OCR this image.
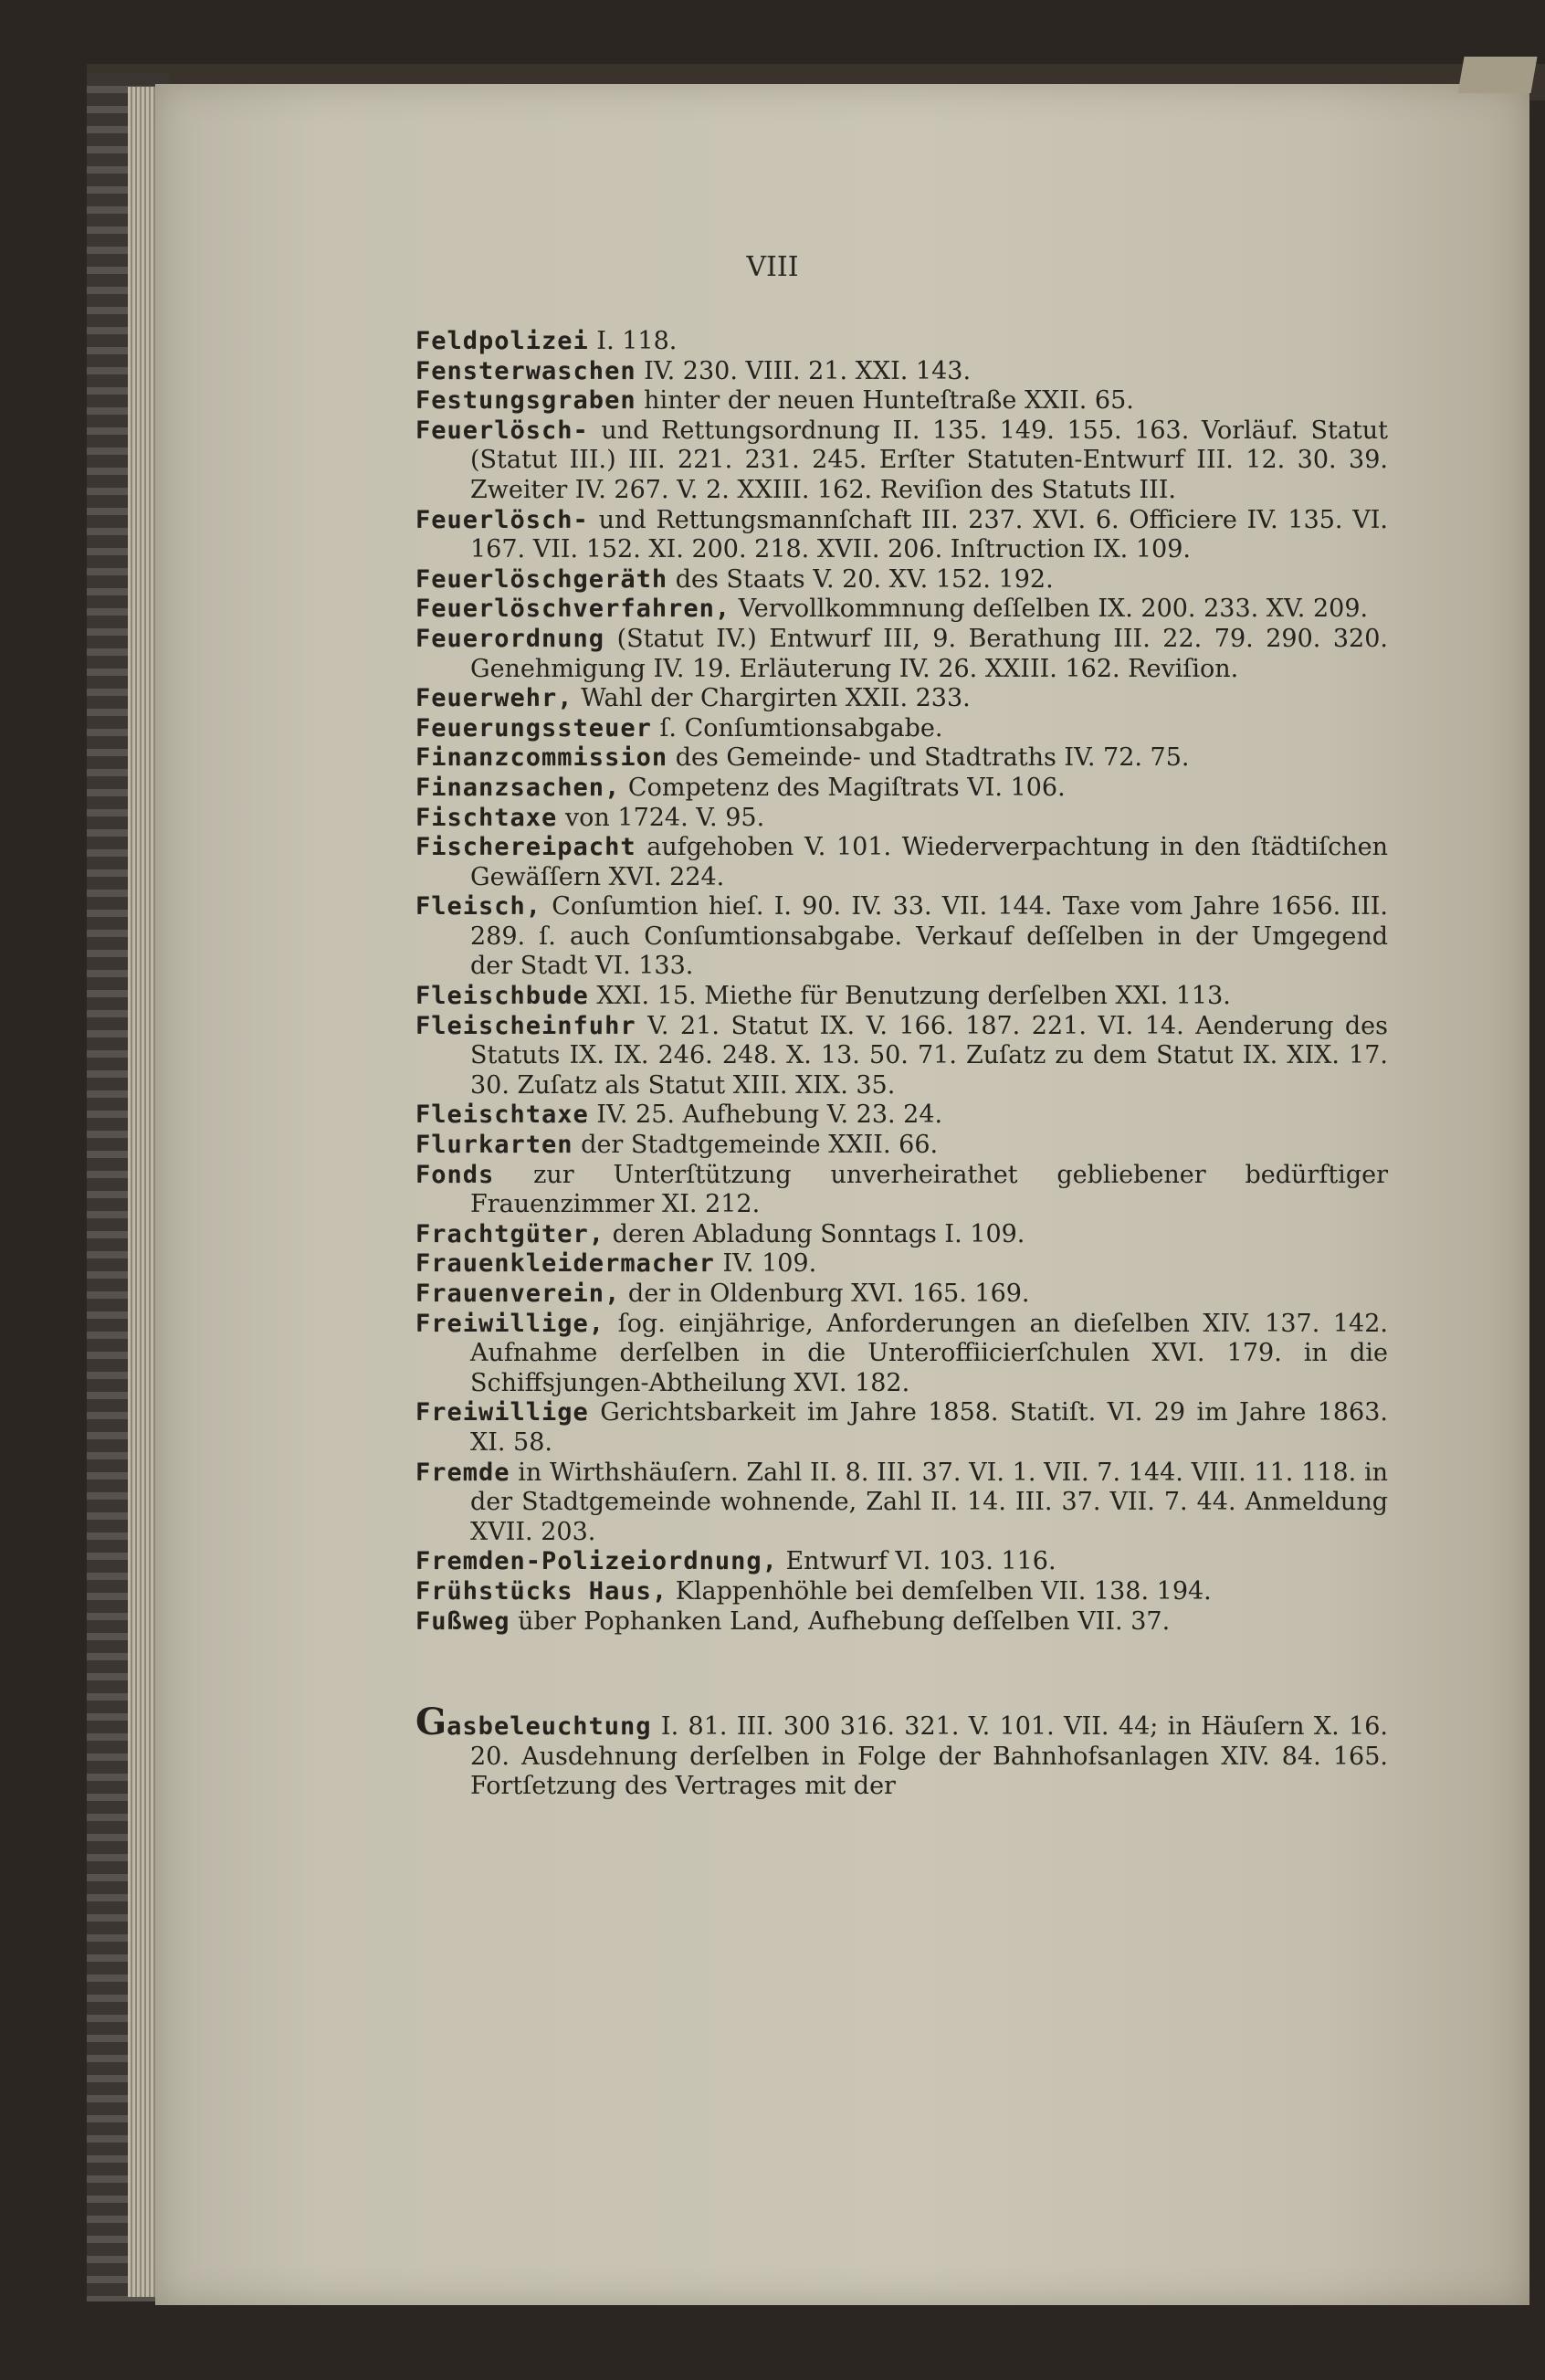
VIII

Feldpolizei I. 118.

Fensterwaschen IV. 230. VIII. 21. XXI. 143.

Festungsgraben hinter der neuen Hunteſtraße XXII. 65.

Feuerlösch- und Rettungsordnung II. 135. 149. 155. 163. Vorläuf. Statut (Statut III.) III. 221. 231. 245. Erſter Statuten-Entwurf III. 12. 30. 39. Zweiter IV. 267. V. 2. XXIII. 162. Reviſion des Statuts III.

Feuerlösch- und Rettungsmannſchaft III. 237. XVI. 6. Officiere IV. 135. VI. 167. VII. 152. XI. 200. 218. XVII. 206. Inſtruction IX. 109.

Feuerlöschgeräth des Staats V. 20. XV. 152. 192.

Feuerlöschverfahren, Vervollkommnung deſſelben IX. 200. 233. XV. 209.

Feuerordnung (Statut IV.) Entwurf III, 9. Berathung III. 22. 79. 290. 320. Genehmigung IV. 19. Erläuterung IV. 26. XXIII. 162. Reviſion.

Feuerwehr, Wahl der Chargirten XXII. 233.

Feuerungssteuer ſ. Conſumtionsabgabe.

Finanzcommission des Gemeinde- und Stadtraths IV. 72. 75.

Finanzsachen, Competenz des Magiſtrats VI. 106.

Fischtaxe von 1724. V. 95.

Fischereipacht aufgehoben V. 101. Wiederverpachtung in den ſtädtiſchen Gewäſſern XVI. 224.

Fleisch, Conſumtion hieſ. I. 90. IV. 33. VII. 144. Taxe vom Jahre 1656. III. 289. ſ. auch Conſumtionsabgabe. Verkauf deſſelben in der Umgegend der Stadt VI. 133.

Fleischbude XXI. 15. Miethe für Benutzung derſelben XXI. 113.

Fleischeinfuhr V. 21. Statut IX. V. 166. 187. 221. VI. 14. Aenderung des Statuts IX. IX. 246. 248. X. 13. 50. 71. Zuſatz zu dem Statut IX. XIX. 17. 30. Zuſatz als Statut XIII. XIX. 35.

Fleischtaxe IV. 25. Aufhebung V. 23. 24.

Flurkarten der Stadtgemeinde XXII. 66.

Fonds zur Unterſtützung unverheirathet gebliebener bedürftiger Frauenzimmer XI. 212.

Frachtgüter, deren Abladung Sonntags I. 109.

Frauenkleidermacher IV. 109.

Frauenverein, der in Oldenburg XVI. 165. 169.

Freiwillige, ſog. einjährige, Anforderungen an dieſelben XIV. 137. 142. Aufnahme derſelben in die Unteroffiicierſchulen XVI. 179. in die Schiffsjungen-Abtheilung XVI. 182.

Freiwillige Gerichtsbarkeit im Jahre 1858. Statiſt. VI. 29 im Jahre 1863. XI. 58.

Fremde in Wirthshäuſern. Zahl II. 8. III. 37. VI. 1. VII. 7. 144. VIII. 11. 118. in der Stadtgemeinde wohnende, Zahl II. 14. III. 37. VII. 7. 44. Anmeldung XVII. 203.

Fremden-Polizeiordnung, Entwurf VI. 103. 116.

Frühstücks Haus, Klappenhöhle bei demſelben VII. 138. 194.

Fußweg über Pophanken Land, Aufhebung deſſelben VII. 37.

Gasbeleuchtung I. 81. III. 300 316. 321. V. 101. VII. 44; in Häuſern X. 16. 20. Ausdehnung derſelben in Folge der Bahnhofsanlagen XIV. 84. 165. Fortſetzung des Vertrages mit der
